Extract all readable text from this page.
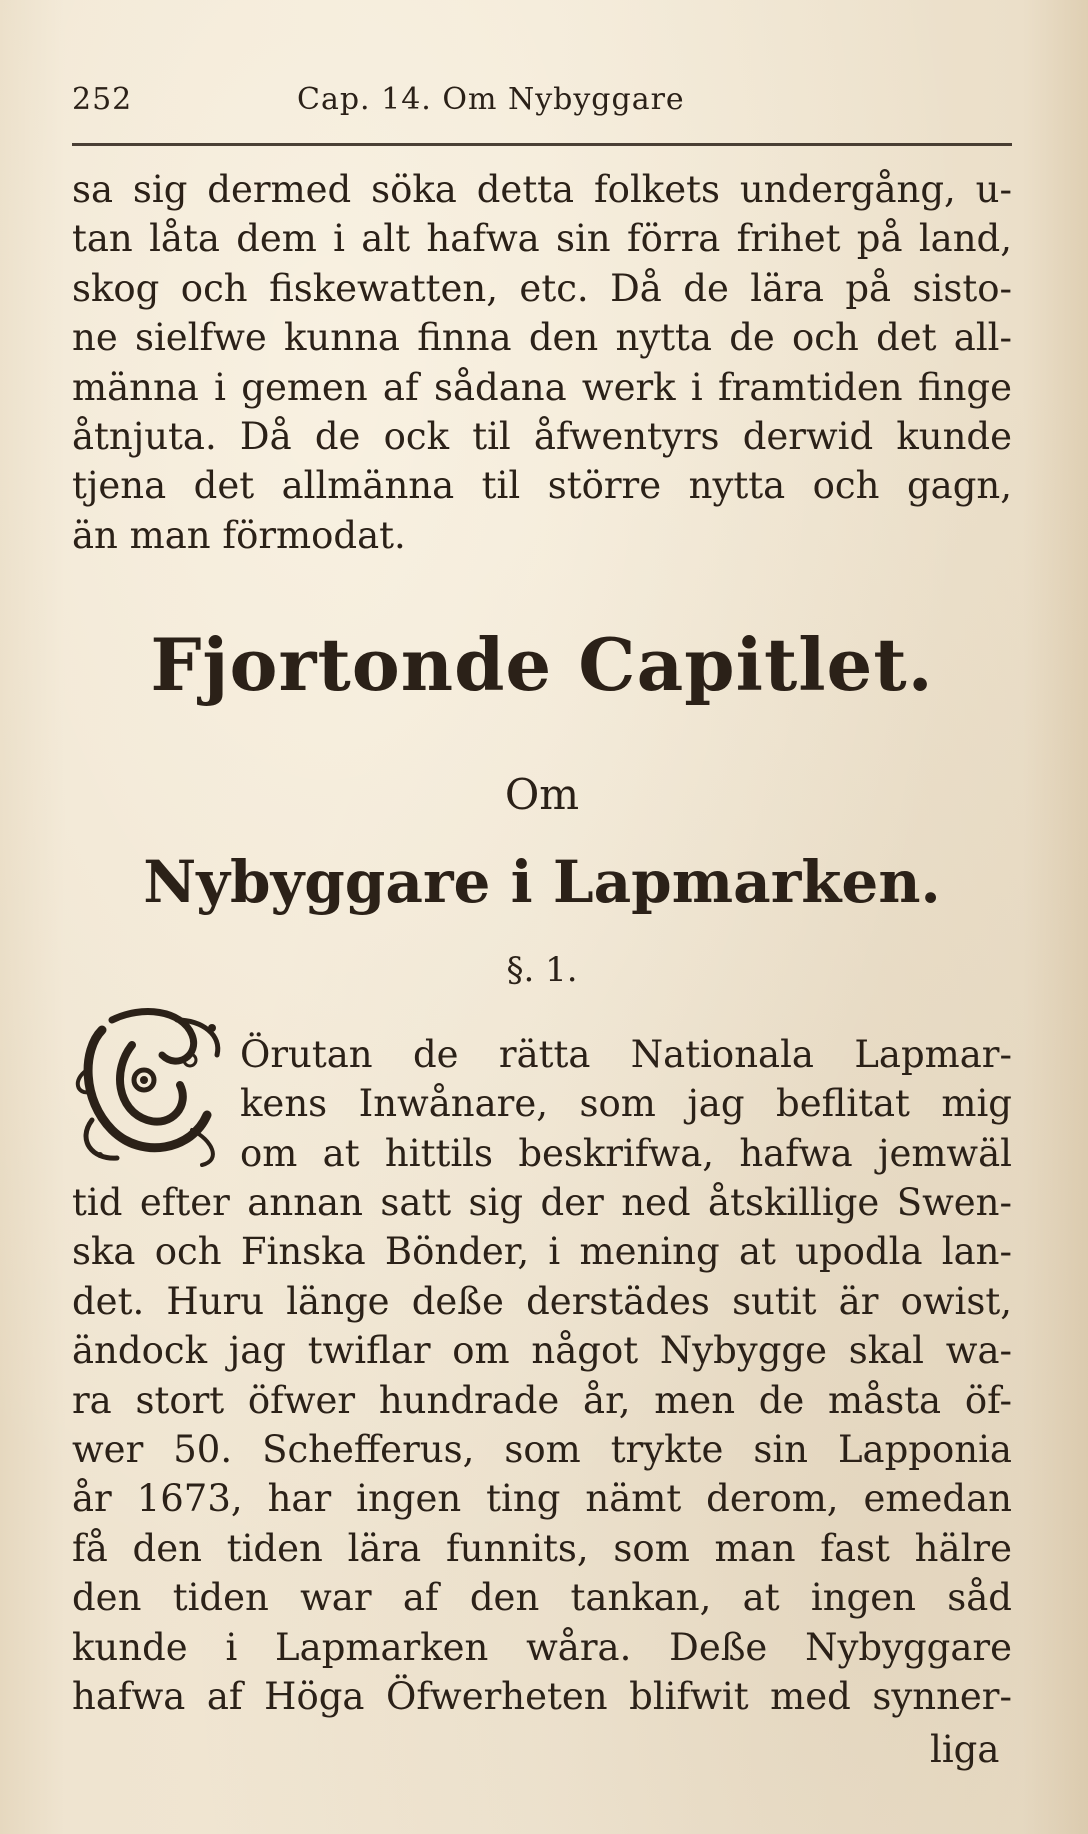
252	Cap. 14. Om Nybyggare
sa sig dermed söka detta folkets undergång, u-
tan låta dem i alt hafwa sin förra frihet på land,
skog och fiskewatten, etc. Då de lära på sisto-
ne sielfwe kunna finna den nytta de och det all-
männa i gemen af sådana werk i framtiden finge
åtnjuta. Då de ock til åfwentyrs derwid kunde
tjena det allmänna til större nytta och gagn,
än man förmodat.
Fjortonde Capitlet.
Om
Nybyggare i Lapmarken.
§. 1.
Örutan de rätta Nationala Lapmar-
kens Inwånare, som jag beflitat mig
om at hittils beskrifwa, hafwa jemwäl
tid efter annan satt sig der ned åtskillige Swen-
ska och Finska Bönder, i mening at upodla lan-
det. Huru länge deße derstädes sutit är owist,
ändock jag twiflar om något Nybygge skal wa-
ra stort öfwer hundrade år, men de måsta öf-
wer 50. Schefferus, som trykte sin Lapponia
år 1673, har ingen ting nämt derom, emedan
få den tiden lära funnits, som man fast hälre
den tiden war af den tankan, at ingen såd
kunde i Lapmarken wåra. Deße Nybyggare
hafwa af Höga Öfwerheten blifwit med synner-
liga
